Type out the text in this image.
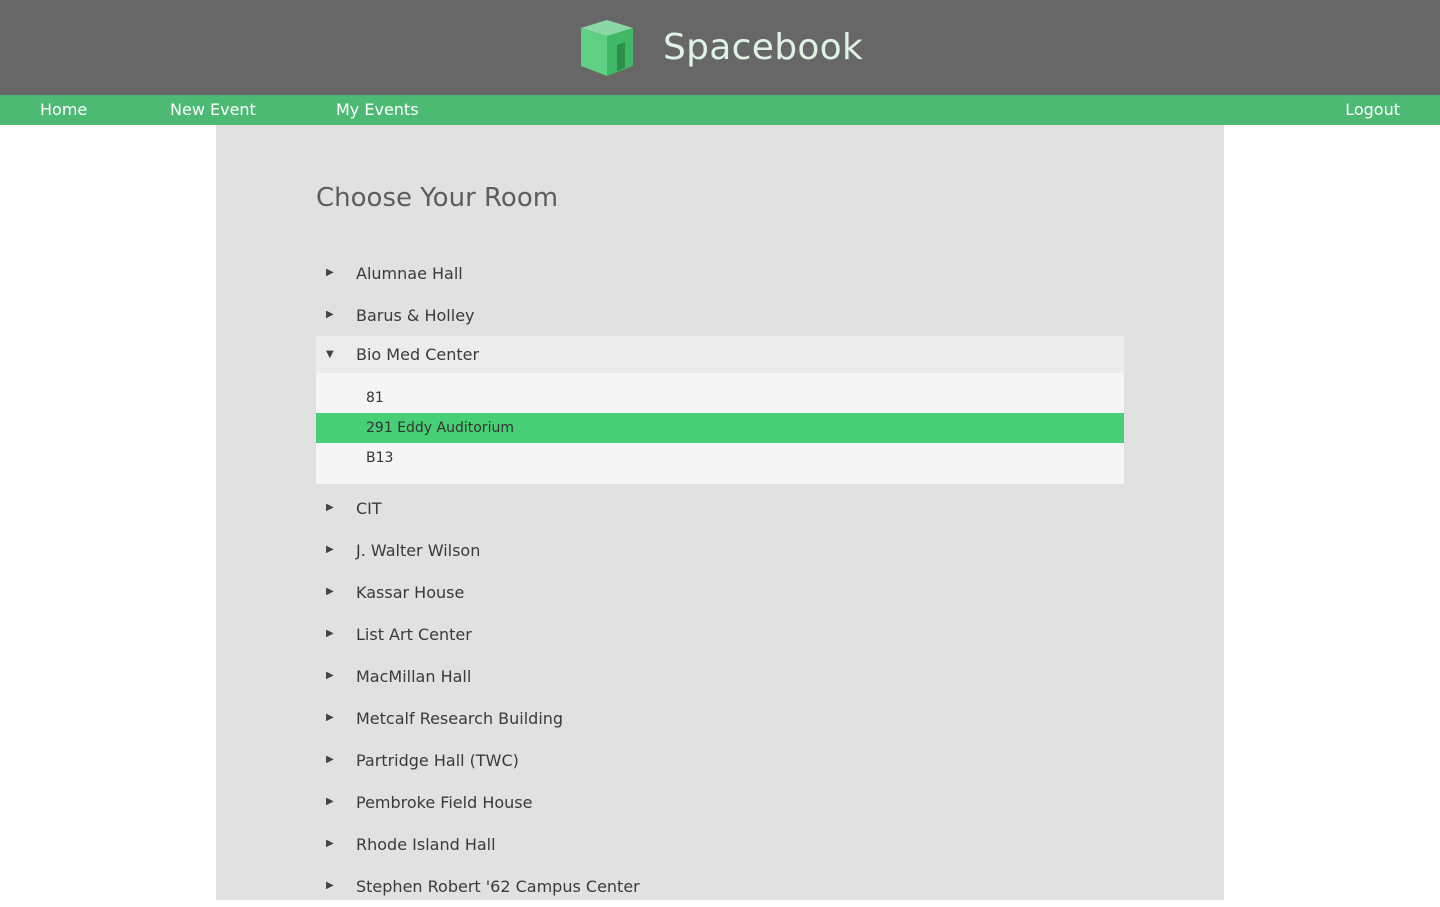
Spacebook
Home	New Event	My Events	Logout
Choose Your Room
▶ Alumnae Hall
▶ Barus & Holley
▼ Bio Med Center
81
291 Eddy Auditorium
B13
▶ CIT
▶ J. Walter Wilson
▶ Kassar House
▶ List Art Center
▶ MacMillan Hall
▶ Metcalf Research Building
▶ Partridge Hall (TWC)
▶ Pembroke Field House
▶ Rhode Island Hall
▶ Stephen Robert '62 Campus Center
